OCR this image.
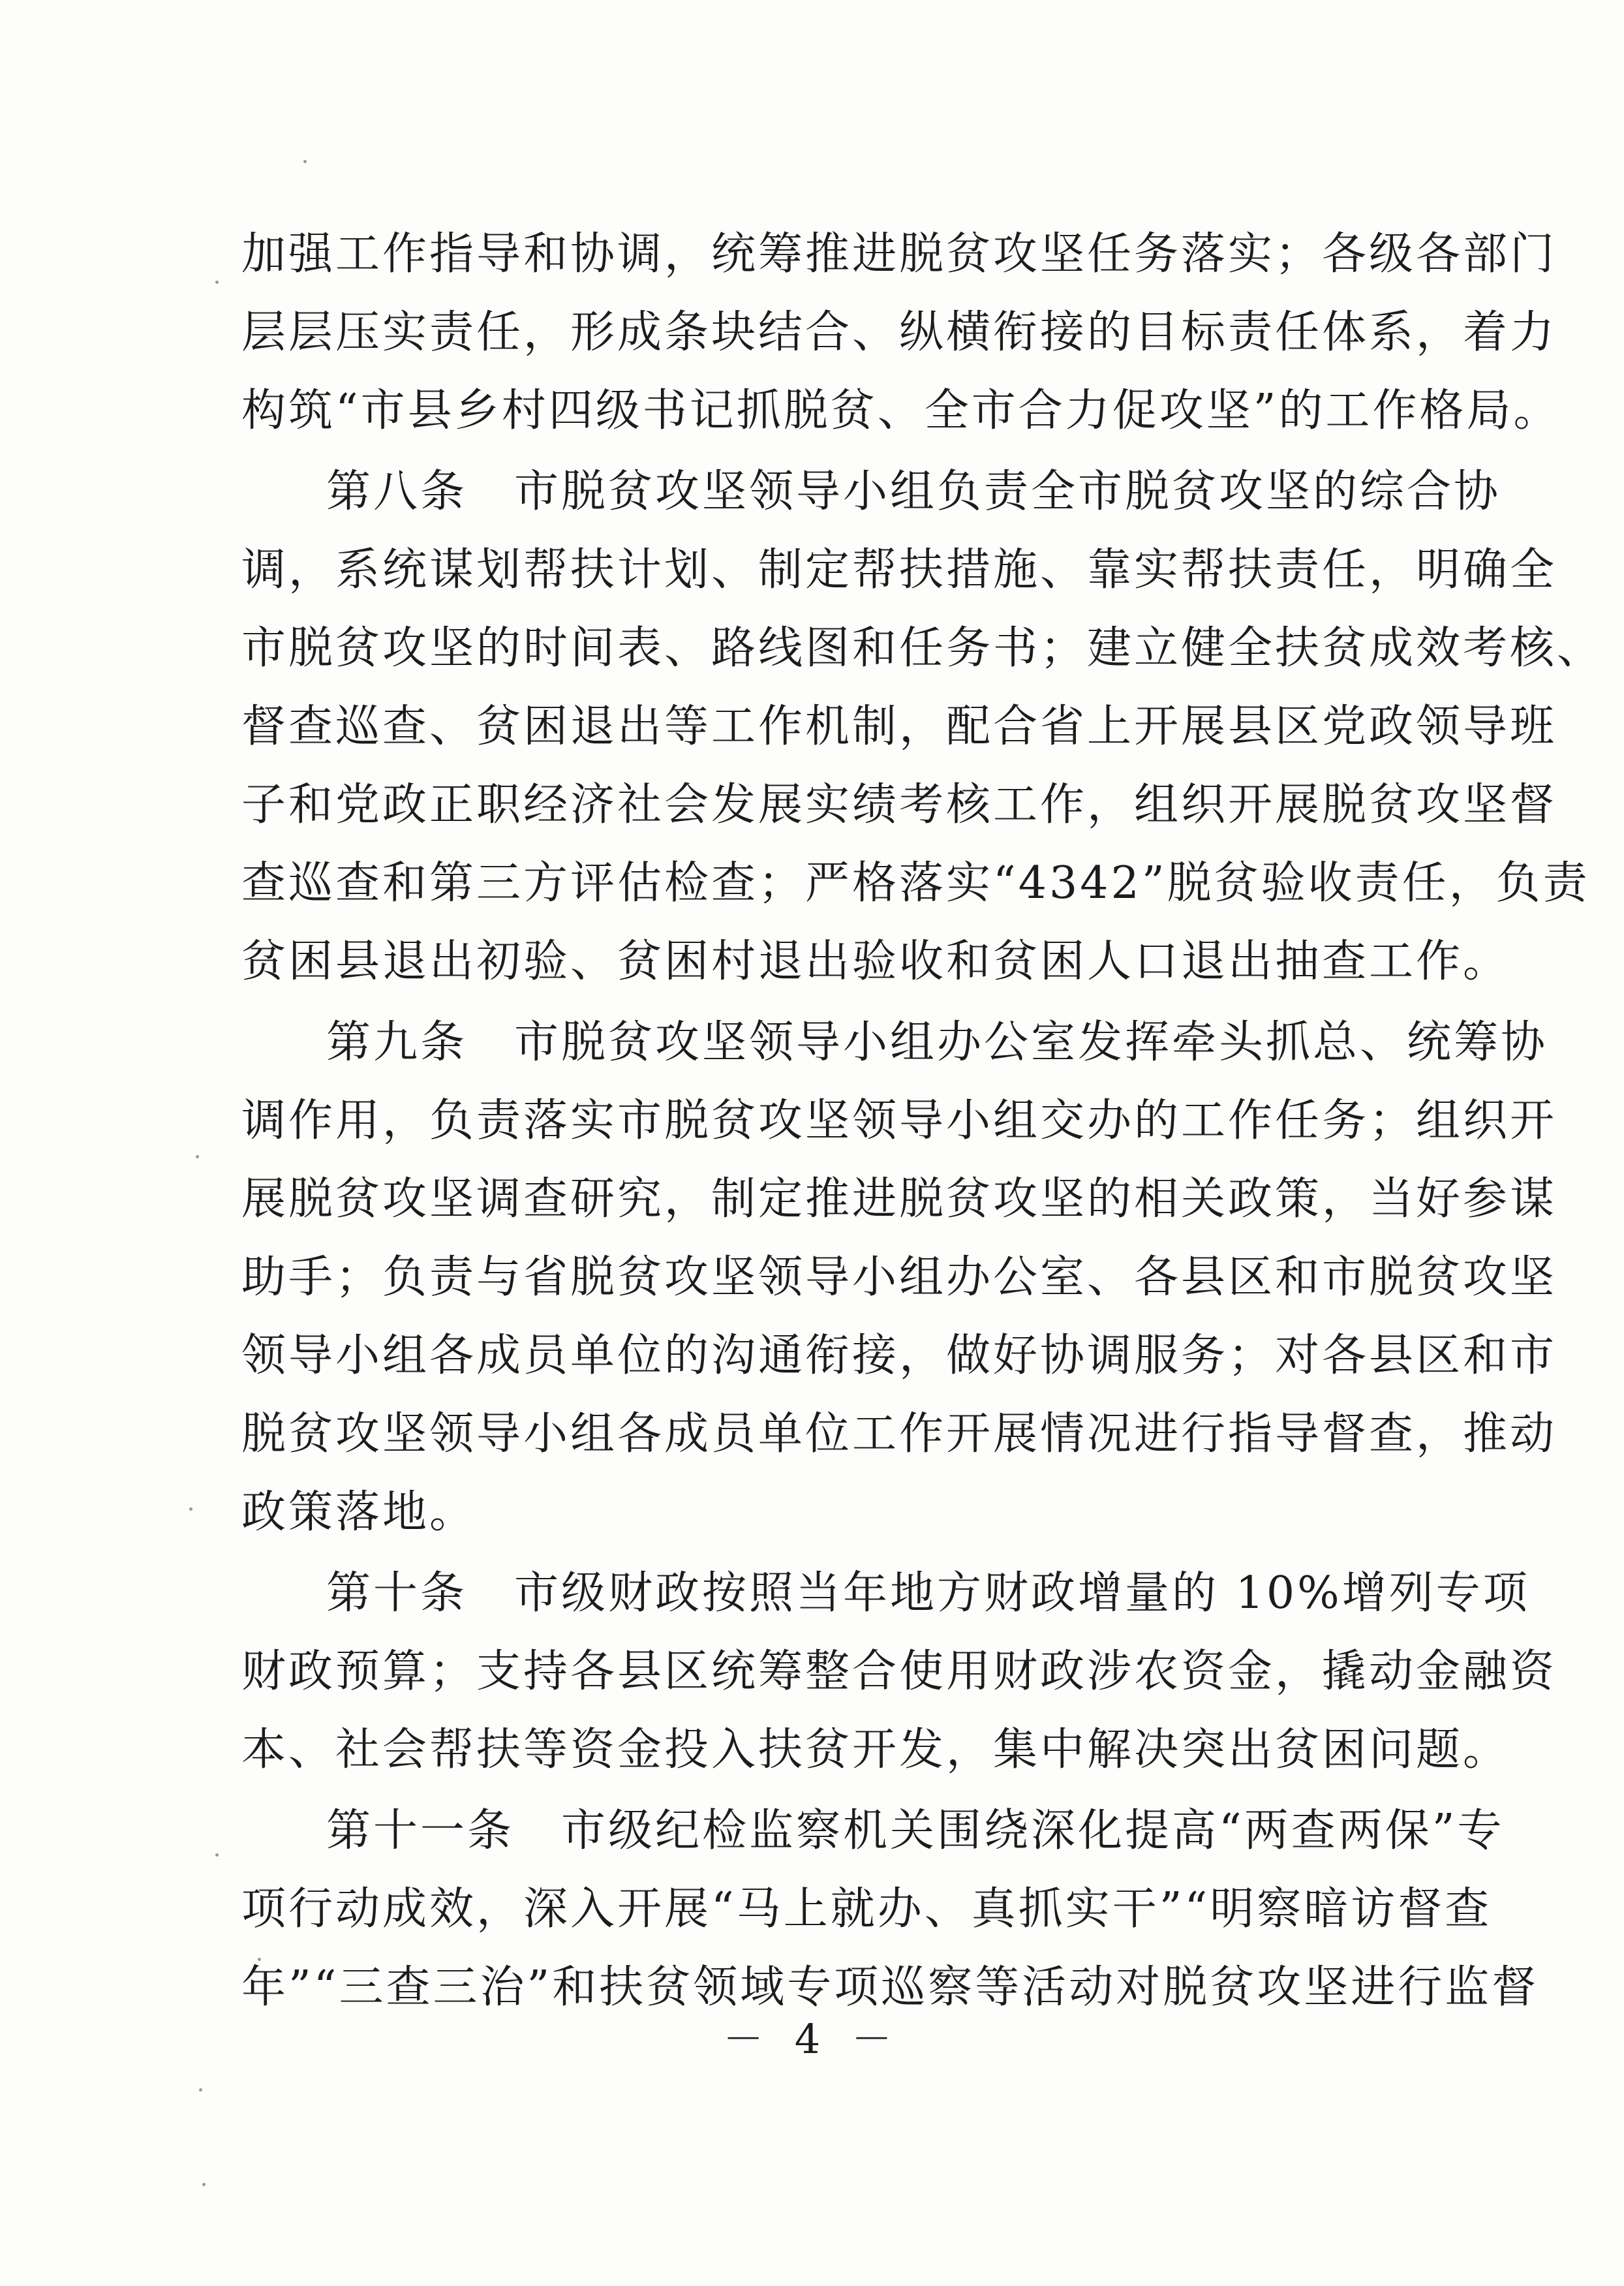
加强工作指导和协调，统筹推进脱贫攻坚任务落实；各级各部门
层层压实责任，形成条块结合、纵横衔接的目标责任体系，着力
构筑“市县乡村四级书记抓脱贫、全市合力促攻坚”的工作格局。
第八条　市脱贫攻坚领导小组负责全市脱贫攻坚的综合协
调，系统谋划帮扶计划、制定帮扶措施、靠实帮扶责任，明确全
市脱贫攻坚的时间表、路线图和任务书；建立健全扶贫成效考核、
督查巡查、贫困退出等工作机制，配合省上开展县区党政领导班
子和党政正职经济社会发展实绩考核工作，组织开展脱贫攻坚督
查巡查和第三方评估检查；严格落实“4342”脱贫验收责任，负责
贫困县退出初验、贫困村退出验收和贫困人口退出抽查工作。
第九条　市脱贫攻坚领导小组办公室发挥牵头抓总、统筹协
调作用，负责落实市脱贫攻坚领导小组交办的工作任务；组织开
展脱贫攻坚调查研究，制定推进脱贫攻坚的相关政策，当好参谋
助手；负责与省脱贫攻坚领导小组办公室、各县区和市脱贫攻坚
领导小组各成员单位的沟通衔接，做好协调服务；对各县区和市
脱贫攻坚领导小组各成员单位工作开展情况进行指导督查，推动
政策落地。
第十条　市级财政按照当年地方财政增量的 10%增列专项
财政预算；支持各县区统筹整合使用财政涉农资金，撬动金融资
本、社会帮扶等资金投入扶贫开发，集中解决突出贫困问题。
第十一条　市级纪检监察机关围绕深化提高“两查两保”专
项行动成效，深入开展“马上就办、真抓实干”“明察暗访督查
年”“三查三治”和扶贫领域专项巡察等活动对脱贫攻坚进行监督
－ 4 －
